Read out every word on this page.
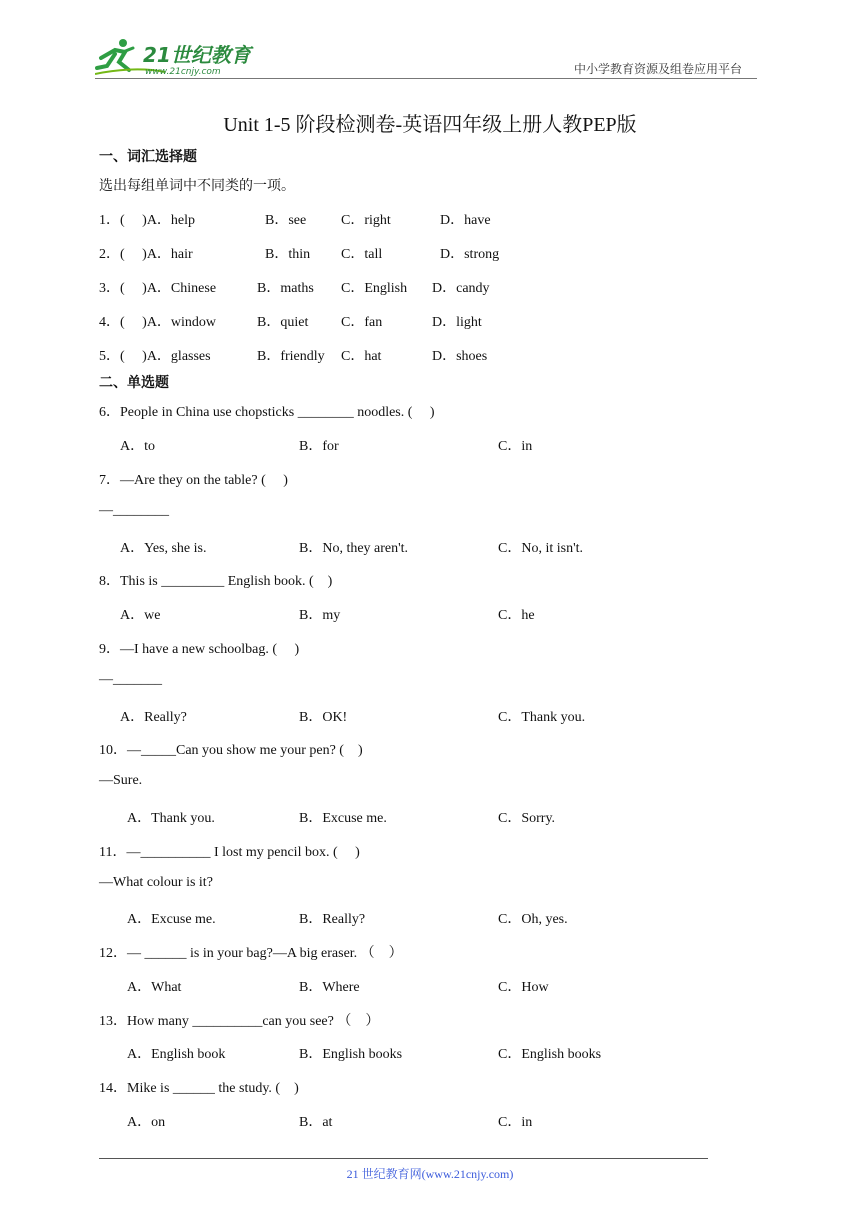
21世纪教育
www.21cnjy.com	中小学教育资源及组卷应用平台
Unit 1-5 阶段检测卷-英语四年级上册人教PEP版
一、词汇选择题
选出每组单词中不同类的一项。
1．(　 )A．help	B．see C．right	D．have
2．(　 )A．hair	B．thin C．tall	D．strong
3．(　 )A．Chinese	B．maths C．English D．candy
4．(　 )A．window	B．quiet C．fan	D．light
5．(　 )A．glasses	B．friendly C．hat	D．shoes
二、单选题
6．People in China use chopsticks ________ noodles. (　 )
A．to	B．for	C．in
7．—Are they on the table? (　 )
—________
A．Yes, she is.	B．No, they aren't.	C．No, it isn't.
8．This is _________ English book. (　)
A．we	B．my	C．he
9．—I have a new schoolbag. (　 )
—_______
A．Really?	B．OK!	C．Thank you.
10．—_____Can you show me your pen? (　)
—Sure.
A．Thank you.	B．Excuse me.	C．Sorry.
11．—__________ I lost my pencil box. (　 )
—What colour is it?
A．Excuse me.	B．Really?	C．Oh, yes.
12．— ______ is in your bag?—A big eraser. （　）
A．What	B．Where	C．How
13．How many __________can you see? （　）
A．English book	B．English books	C．English books
14．Mike is ______ the study. (　)
A．on	B．at	C．in
21 世纪教育网(www.21cnjy.com)
